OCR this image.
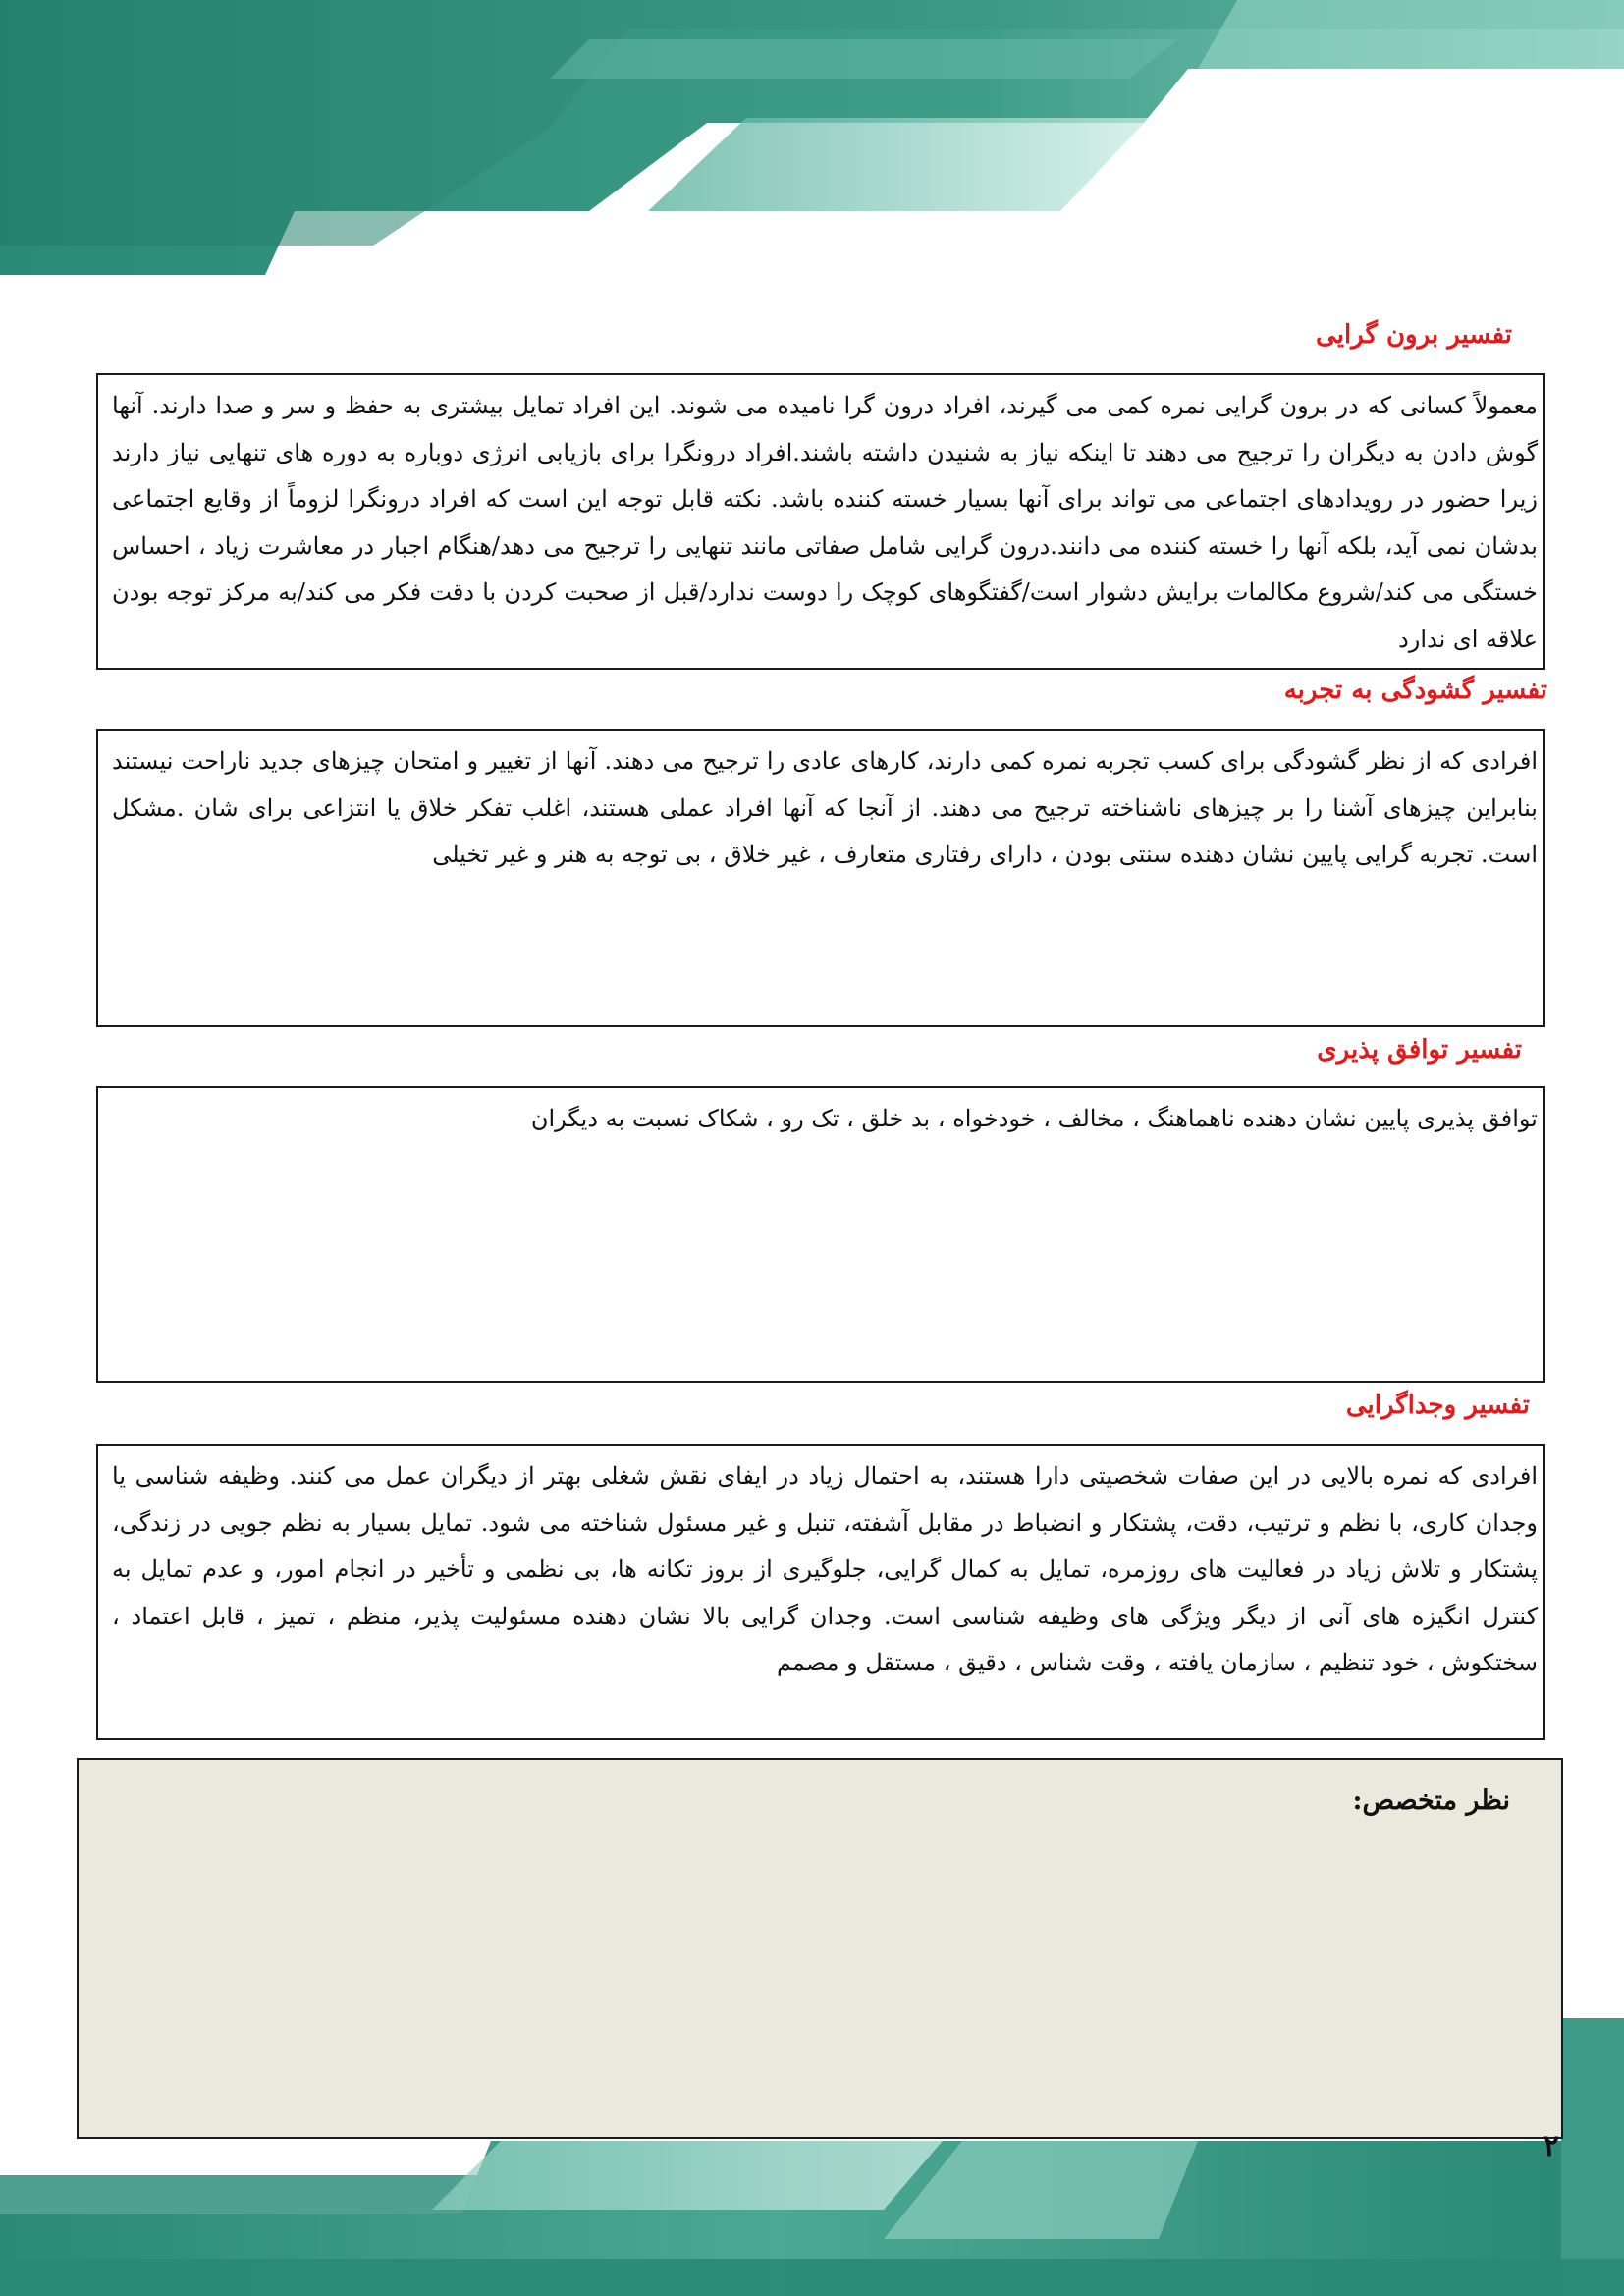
تفسیر برون گرایی

معمولاً کسانی که در برون گرایی نمره کمی می گیرند، افراد درون گرا نامیده می شوند. این افراد تمایل بیشتری به حفظ و سر و صدا دارند. آنها گوش دادن به دیگران را ترجیح می دهند تا اینکه نیاز به شنیدن داشته باشند.افراد درونگرا برای بازیابی انرژی دوباره به دوره های تنهایی نیاز دارند زیرا حضور در رویدادهای اجتماعی می تواند برای آنها بسیار خسته کننده باشد. نکته قابل توجه این است که افراد درونگرا لزوماً از وقایع اجتماعی بدشان نمی آید، بلکه آنها را خسته کننده می دانند.درون گرایی شامل صفاتی مانند تنهایی را ترجیح می دهد/هنگام اجبار در معاشرت زیاد ، احساس خستگی می کند/شروع مکالمات برایش دشوار است/گفتگوهای کوچک را دوست ندارد/قبل از صحبت کردن با دقت فکر می کند/به مرکز توجه بودن علاقه ای ندارد

تفسیر گشودگی به تجربه

افرادی که از نظر گشودگی برای کسب تجربه نمره کمی دارند، کارهای عادی را ترجیح می دهند. آنها از تغییر و امتحان چیزهای جدید ناراحت نیستند بنابراین چیزهای آشنا را بر چیزهای ناشناخته ترجیح می دهند. از آنجا که آنها افراد عملی هستند، اغلب تفکر خلاق یا انتزاعی برای شان .مشکل است. تجربه گرایی پایین نشان دهنده سنتی بودن ، دارای رفتاری متعارف ، غیر خلاق ، بی توجه به هنر و غیر تخیلی

تفسیر توافق پذیری

توافق پذیری پایین نشان دهنده ناهماهنگ ، مخالف ، خودخواه ، بد خلق ، تک رو ، شکاک نسبت به دیگران

تفسیر وجداگرایی

افرادی که نمره بالایی در این صفات شخصیتی دارا هستند، به احتمال زیاد در ایفای نقش شغلی بهتر از دیگران عمل می کنند. وظیفه شناسی یا وجدان کاری، با نظم و ترتیب، دقت، پشتکار و انضباط در مقابل آشفته، تنبل و غیر مسئول شناخته می شود. تمایل بسیار به نظم جویی در زندگی، پشتکار و تلاش زیاد در فعالیت های روزمره، تمایل به کمال گرایی، جلوگیری از بروز تکانه ها، بی نظمی و تأخیر در انجام امور، و عدم تمایل به کنترل انگیزه های آنی از دیگر ویژگی های وظیفه شناسی است. وجدان گرایی بالا نشان دهنده مسئولیت پذیر، منظم ، تمیز ، قابل اعتماد ، سختکوش ، خود تنظیم ، سازمان یافته ، وقت شناس ، دقیق ، مستقل و مصمم

نظر متخصص:

۲
